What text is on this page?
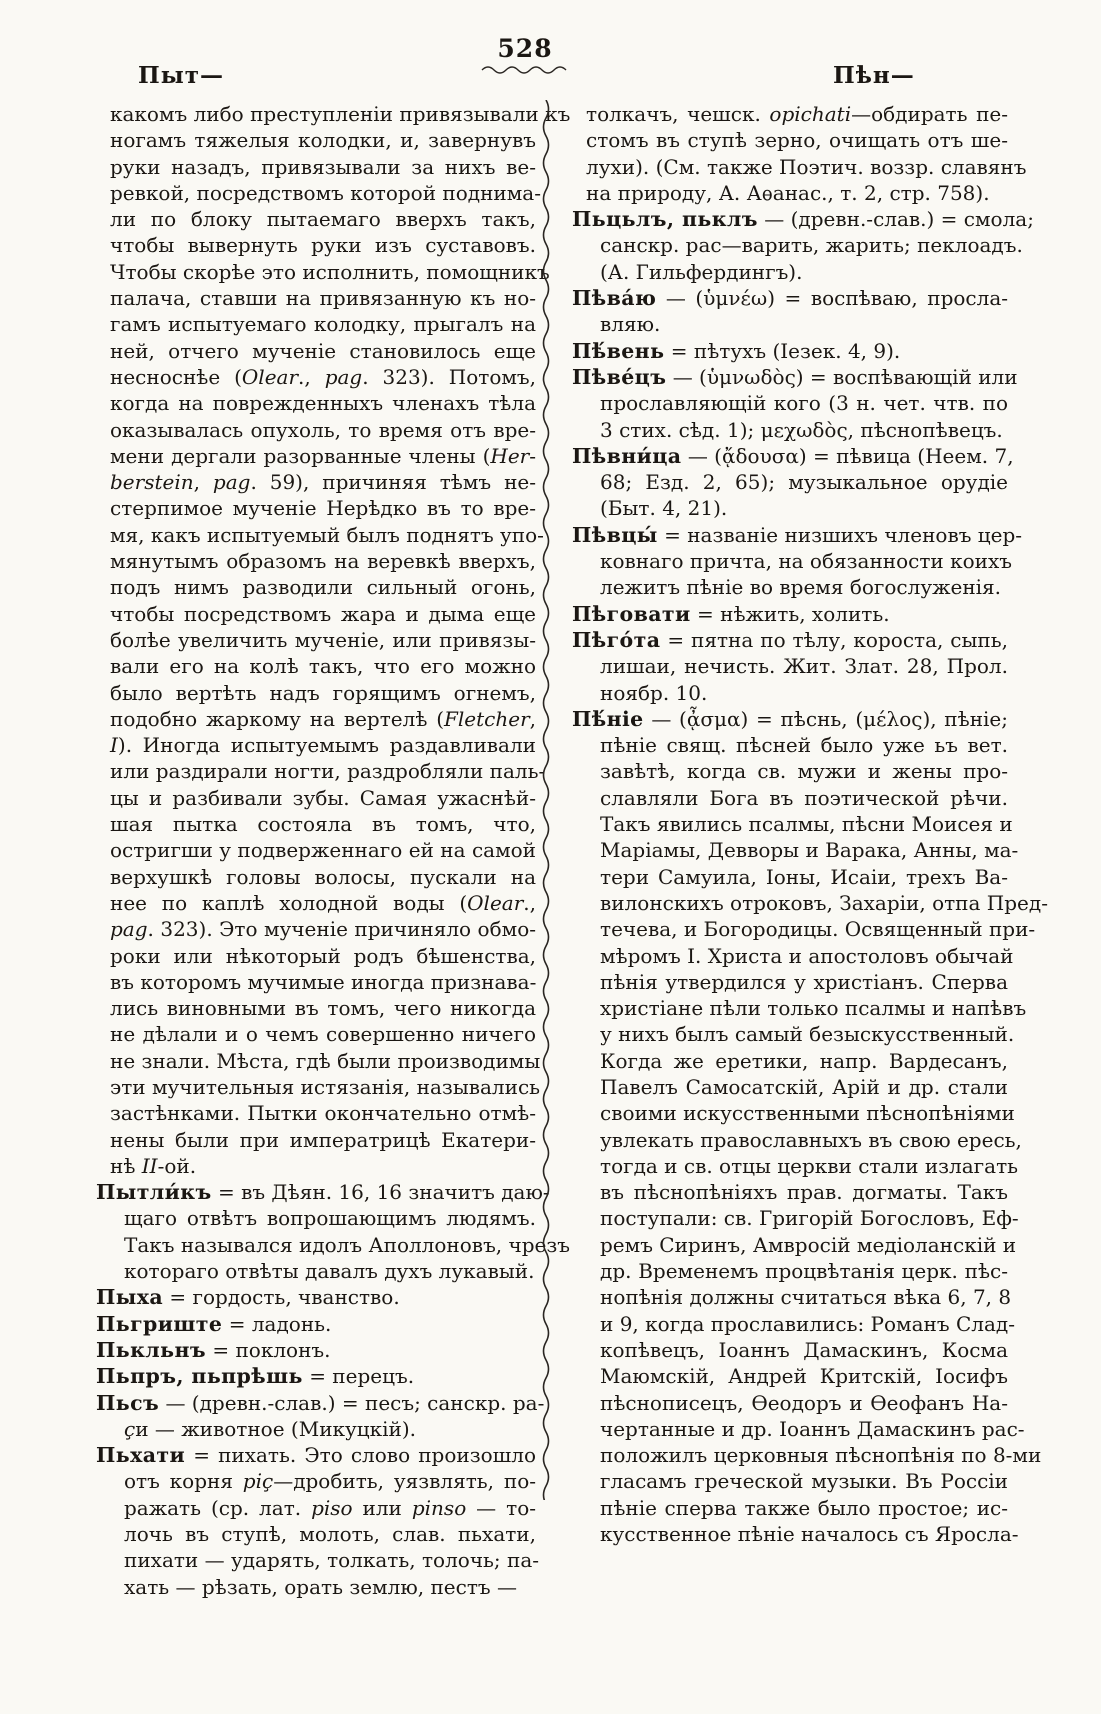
528
Пыт—	Пѣн—
какомъ либо преступленіи привязывали къ
ногамъ тяжелыя колодки, и, завернувъ
руки назадъ, привязывали за нихъ ве-
ревкой, посредствомъ которой поднима-
ли по блоку пытаемаго вверхъ такъ,
чтобы вывернуть руки изъ суставовъ.
Чтобы скорѣе это исполнить, помощникъ
палача, ставши на привязанную къ но-
гамъ испытуемаго колодку, прыгалъ на
ней, отчего мученіе становилось еще
несноснѣе (Olear., pag. 323). Потомъ,
когда на поврежденныхъ членахъ тѣла
оказывалась опухоль, то время отъ вре-
мени дергали разорванные члены (Her-
berstein, pag. 59), причиняя тѣмъ не-
стерпимое мученіе Нерѣдко въ то вре-
мя, какъ испытуемый былъ поднятъ упо-
мянутымъ образомъ на веревкѣ вверхъ,
подъ нимъ разводили сильный огонь,
чтобы посредствомъ жара и дыма еще
болѣе увеличить мученіе, или привязы-
вали его на колѣ такъ, что его можно
было вертѣть надъ горящимъ огнемъ,
подобно жаркому на вертелѣ (Fletcher,
I). Иногда испытуемымъ раздавливали
или раздирали ногти, раздробляли паль-
цы и разбивали зубы. Самая ужаснѣй-
шая пытка состояла въ томъ, что,
остригши у подверженнаго ей на самой
верхушкѣ головы волосы, пускали на
нее по каплѣ холодной воды (Olear.,
pag. 323). Это мученіе причиняло обмо-
роки или нѣкоторый родъ бѣшенства,
въ которомъ мучимые иногда признава-
лись виновными въ томъ, чего никогда
не дѣлали и о чемъ совершенно ничего
не знали. Мѣста, гдѣ были производимы
эти мучительныя истязанія, назывались
застѣнками. Пытки окончательно отмѣ-
нены были при императрицѣ Екатери-
нѣ II-ой.
Пытли́къ = въ Дѣян. 16, 16 значитъ даю-
щаго отвѣтъ вопрошающимъ людямъ.
Такъ назывался идолъ Аполлоновъ, чрезъ
котораго отвѣты давалъ духъ лукавый.
Пыха = гордость, чванство.
Пьгриште = ладонь.
Пькльнъ = поклонъ.
Пьпръ, пьпрѣшь = перецъ.
Пьсъ — (древн.-слав.) = песъ; санскр. ра-
çи — животное (Микуцкій).
Пьхати = пихать. Это слово произошло
отъ корня piç—дробить, уязвлять, по-
ражать (ср. лат. piso или pinso — то-
лочь въ ступѣ, молоть, слав. пьхати,
пихати — ударять, толкать, толочь; па-
хать — рѣзать, орать землю, пестъ —
толкачъ, чешск. opichati—обдирать пе-
стомъ въ ступѣ зерно, очищать отъ ше-
лухи). (См. также Поэтич. воззр. славянъ
на природу, А. Аѳанас., т. 2, стр. 758).
Пьцьлъ, пьклъ — (древн.-слав.) = смола;
санскр. рас—варить, жарить; пеклоадъ.
(А. Гильфердингъ).
Пѣва́ю — (ὑμνέω) = воспѣваю, просла-
вляю.
Пѣ́вень = пѣтухъ (Іезек. 4, 9).
Пѣве́цъ — (ὑμνωδὸς) = воспѣвающій или
прославляющій кого (3 н. чет. чтв. по
3 стих. сѣд. 1); μεχωδὸς, пѣснопѣвецъ.
Пѣвни́ца — (ᾄδουσα) = пѣвица (Неем. 7,
68; Езд. 2, 65); музыкальное орудіе
(Быт. 4, 21).
Пѣвцы́ = названіе низшихъ членовъ цер-
ковнаго причта, на обязанности коихъ
лежитъ пѣніе во время богослуженія.
Пѣговати = нѣжить, холить.
Пѣго́та = пятна по тѣлу, короста, сыпь,
лишаи, нечисть. Жит. Злат. 28, Прол.
ноябр. 10.
Пѣ́ніе — (ᾆσμα) = пѣснь, (μέλος), пѣніе;
пѣніе свящ. пѣсней было уже ьъ вет.
завѣтѣ, когда св. мужи и жены про-
славляли Бога въ поэтической рѣчи.
Такъ явились псалмы, пѣсни Моисея и
Маріамы, Девворы и Варака, Анны, ма-
тери Самуила, Іоны, Исаіи, трехъ Ва-
вилонскихъ отроковъ, Захаріи, отпа Пред-
течева, и Богородицы. Освященный при-
мѣромъ І. Христа и апостоловъ обычай
пѣнія утвердился у христіанъ. Сперва
христіане пѣли только псалмы и напѣвъ
у нихъ былъ самый безыскусственный.
Когда же еретики, напр. Вардесанъ,
Павелъ Самосатскій, Арій и др. стали
своими искусственными пѣснопѣніями
увлекать православныхъ въ свою ересь,
тогда и св. отцы церкви стали излагать
въ пѣснопѣніяхъ прав. догматы. Такъ
поступали: св. Григорій Богословъ, Еф-
ремъ Сиринъ, Амвросій медіоланскій и
др. Временемъ процвѣтанія церк. пѣс-
нопѣнія должны считаться вѣка 6, 7, 8
и 9, когда прославились: Романъ Слад-
копѣвецъ, Іоаннъ Дамаскинъ, Косма
Маюмскій, Андрей Критскій, Іосифъ
пѣснописецъ, Ѳеодоръ и Ѳеофанъ На-
чертанные и др. Іоаннъ Дамаскинъ рас-
положилъ церковныя пѣснопѣнія по 8-ми
гласамъ греческой музыки. Въ Россіи
пѣніе сперва также было простое; ис-
кусственное пѣніе началось съ Яросла-
